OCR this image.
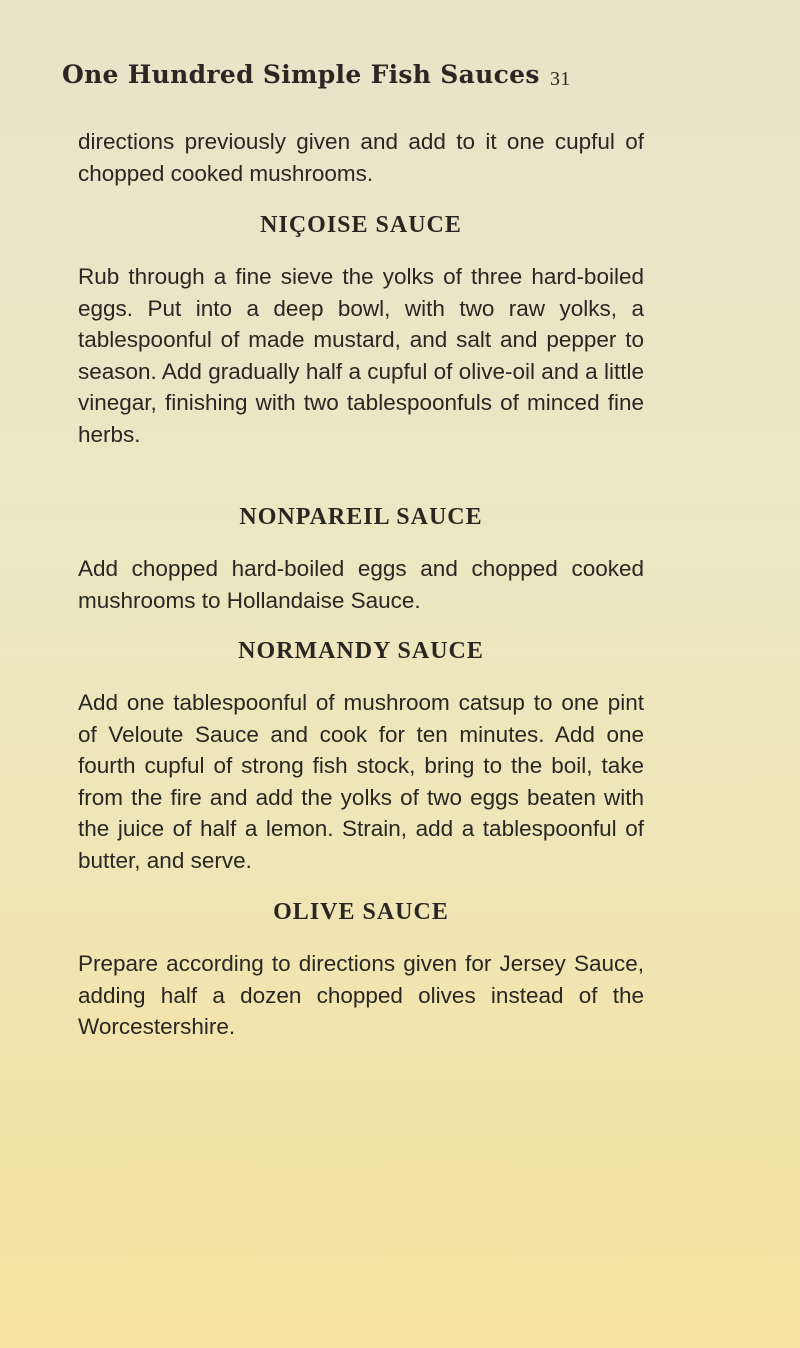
One Hundred Simple Fish Sauces 31

directions previously given and add to it one cupful of chopped cooked mushrooms.

NIÇOISE SAUCE

Rub through a fine sieve the yolks of three hard-boiled eggs. Put into a deep bowl, with two raw yolks, a tablespoonful of made mustard, and salt and pepper to season. Add gradually half a cupful of olive-oil and a little vinegar, finishing with two tablespoonfuls of minced fine herbs.

NONPAREIL SAUCE

Add chopped hard-boiled eggs and chopped cooked mushrooms to Hollandaise Sauce.

NORMANDY SAUCE

Add one tablespoonful of mushroom catsup to one pint of Veloute Sauce and cook for ten minutes. Add one fourth cupful of strong fish stock, bring to the boil, take from the fire and add the yolks of two eggs beaten with the juice of half a lemon. Strain, add a tablespoonful of butter, and serve.

OLIVE SAUCE

Prepare according to directions given for Jersey Sauce, adding half a dozen chopped olives instead of the Worcestershire.
